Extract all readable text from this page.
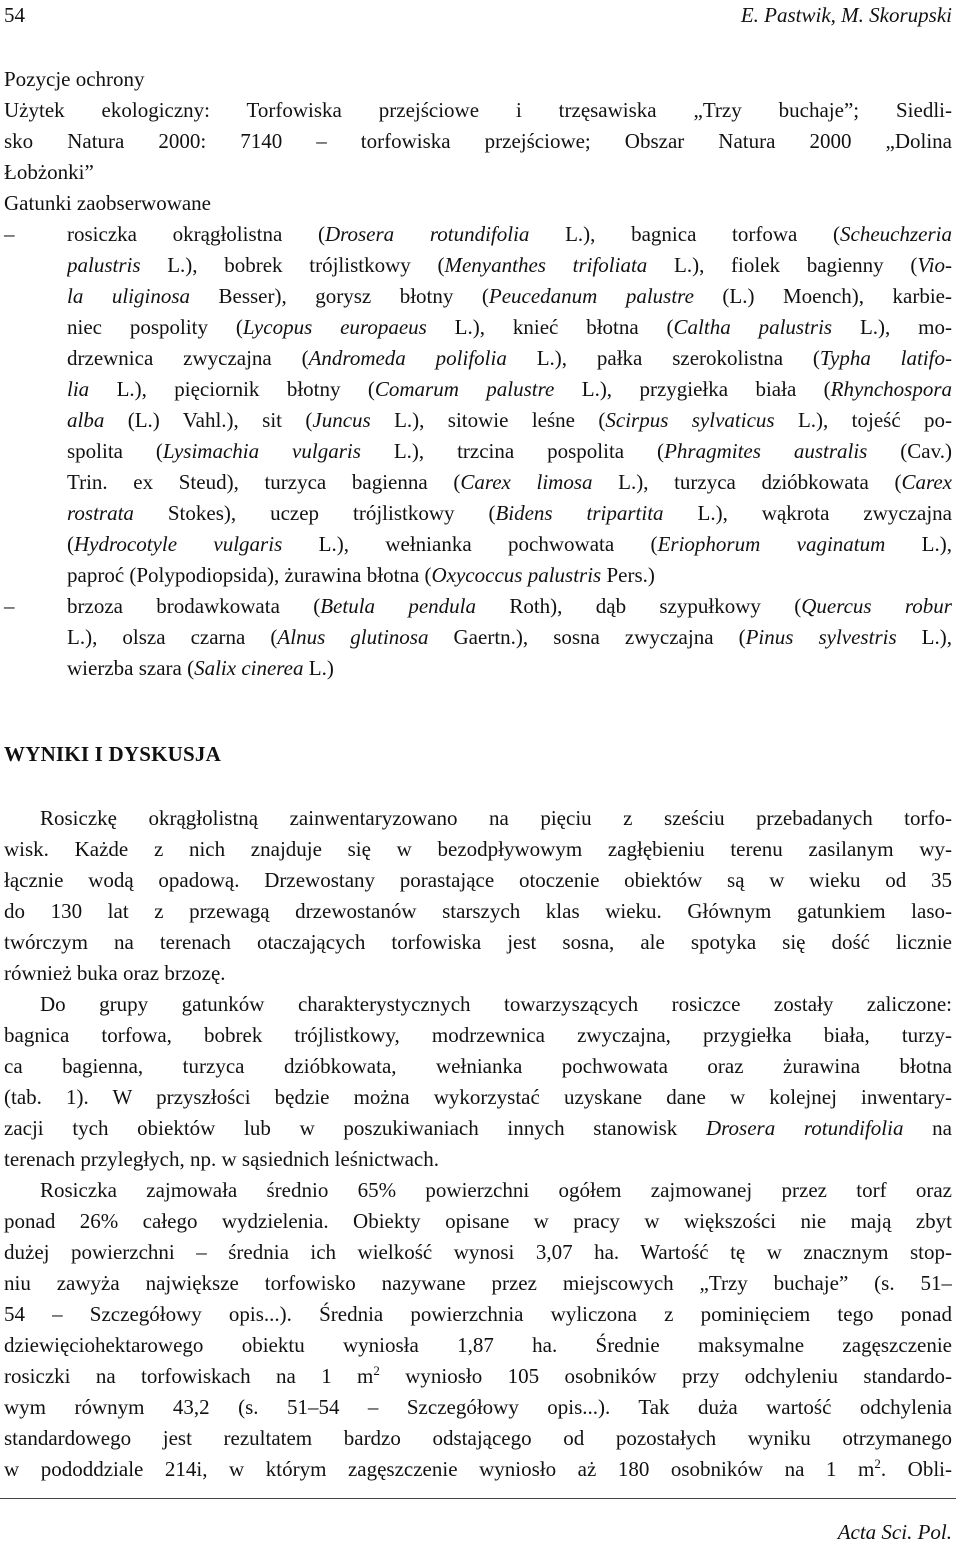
54	E. Pastwik, M. Skorupski
Pozycje ochrony
Użytek ekologiczny: Torfowiska przejściowe i trzęsawiska „Trzy buchaje”; Siedli-
sko Natura 2000: 7140 – torfowiska przejściowe; Obszar Natura 2000 „Dolina
Łobżonki”
Gatunki zaobserwowane
–	rosiczka okrągłolistna (Drosera rotundifolia L.), bagnica torfowa (Scheuchzeria
palustris L.), bobrek trójlistkowy (Menyanthes trifoliata L.), fiolek bagienny (Vio-
la uliginosa Besser), gorysz błotny (Peucedanum palustre (L.) Moench), karbie-
niec pospolity (Lycopus europaeus L.), knieć błotna (Caltha palustris L.), mo-
drzewnica zwyczajna (Andromeda polifolia L.), pałka szerokolistna (Typha latifo-
lia L.), pięciornik błotny (Comarum palustre L.), przygiełka biała (Rhynchospora
alba (L.) Vahl.), sit (Juncus L.), sitowie leśne (Scirpus sylvaticus L.), tojeść po-
spolita (Lysimachia vulgaris L.), trzcina pospolita (Phragmites australis (Cav.)
Trin. ex Steud), turzyca bagienna (Carex limosa L.), turzyca dzióbkowata (Carex
rostrata Stokes), uczep trójlistkowy (Bidens tripartita L.), wąkrota zwyczajna
(Hydrocotyle vulgaris L.), wełnianka pochwowata (Eriophorum vaginatum L.),
paproć (Polypodiopsida), żurawina błotna (Oxycoccus palustris Pers.)
–	brzoza brodawkowata (Betula pendula Roth), dąb szypułkowy (Quercus robur
L.), olsza czarna (Alnus glutinosa Gaertn.), sosna zwyczajna (Pinus sylvestris L.),
wierzba szara (Salix cinerea L.)
WYNIKI I DYSKUSJA
Rosiczkę okrągłolistną zainwentaryzowano na pięciu z sześciu przebadanych torfo-
wisk. Każde z nich znajduje się w bezodpływowym zagłębieniu terenu zasilanym wy-
łącznie wodą opadową. Drzewostany porastające otoczenie obiektów są w wieku od 35
do 130 lat z przewagą drzewostanów starszych klas wieku. Głównym gatunkiem laso-
twórczym na terenach otaczających torfowiska jest sosna, ale spotyka się dość licznie
również buka oraz brzozę.
Do grupy gatunków charakterystycznych towarzyszących rosiczce zostały zaliczone:
bagnica torfowa, bobrek trójlistkowy, modrzewnica zwyczajna, przygiełka biała, turzy-
ca bagienna, turzyca dzióbkowata, wełnianka pochwowata oraz żurawina błotna
(tab. 1). W przyszłości będzie można wykorzystać uzyskane dane w kolejnej inwentary-
zacji tych obiektów lub w poszukiwaniach innych stanowisk Drosera rotundifolia na
terenach przyległych, np. w sąsiednich leśnictwach.
Rosiczka zajmowała średnio 65% powierzchni ogółem zajmowanej przez torf oraz
ponad 26% całego wydzielenia. Obiekty opisane w pracy w większości nie mają zbyt
dużej powierzchni – średnia ich wielkość wynosi 3,07 ha. Wartość tę w znacznym stop-
niu zawyża największe torfowisko nazywane przez miejscowych „Trzy buchaje” (s. 51–
54 – Szczegółowy opis...). Średnia powierzchnia wyliczona z pominięciem tego ponad
dziewięciohektarowego obiektu wyniosła 1,87 ha. Średnie maksymalne zagęszczenie
rosiczki na torfowiskach na 1 $m^2$ wyniosło 105 osobników przy odchyleniu standardo-
wym równym 43,2 (s. 51–54 – Szczegółowy opis...). Tak duża wartość odchylenia
standardowego jest rezultatem bardzo odstającego od pozostałych wyniku otrzymanego
w pododdziale 214i, w którym zagęszczenie wyniosło aż 180 osobników na 1 $m^2$. Obli-
Acta Sci. Pol.
